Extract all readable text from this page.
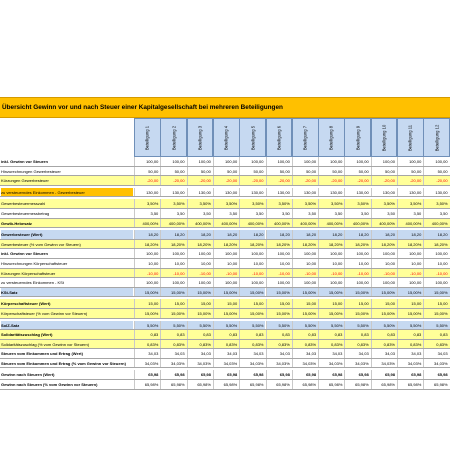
Übersicht Gewinn vor und nach Steuer einer Kapitalgesellschaft bei mehreren Beteiligungen
Beteiligung 1	Beteiligung 2	Beteiligung 3	Beteiligung 4	Beteiligung 5	Beteiligung 6	Beteiligung 7	Beteiligung 8	Beteiligung 9	Beteiligung 10	Beteiligung 11	Beteiligung 12
inkl. Gewinn vor Steuern	100,00	100,00	100,00	100,00	100,00	100,00	100,00	100,00	100,00	100,00	100,00	100,00
Hinzurechnungen Gewerbesteuer	50,00	50,00	50,00	50,00	50,00	50,00	50,00	50,00	50,00	50,00	50,00	50,00
Kürzungen Gewerbesteuer	-20,00	-20,00	-20,00	-20,00	-20,00	-20,00	-20,00	-20,00	-20,00	-20,00	-20,00	-20,00
zu versteuerndes Einkommen - Gewerbesteuer	130,00	130,00	130,00	130,00	130,00	130,00	130,00	130,00	130,00	130,00	130,00	130,00
Gewerbesteuermesszahl	3,50%	3,50%	3,50%	3,50%	3,50%	3,50%	3,50%	3,50%	3,50%	3,50%	3,50%	3,50%
Gewerbesteuermessbetrag	3,50	3,50	3,50	3,50	3,50	3,50	3,50	3,50	3,50	3,50	3,50	3,50
Gewib-Hebesatz	400,00%	400,00%	400,00%	400,00%	400,00%	400,00%	400,00%	400,00%	400,00%	400,00%	400,00%	400,00%
Gewerbesteuer (Wert)	18,20	18,20	18,20	18,20	18,20	18,20	18,20	18,20	18,20	18,20	18,20	18,20
Gewerbesteuer (% vom Gewinn vor Steuern)	18,20%	18,20%	18,20%	18,20%	18,20%	18,20%	18,20%	18,20%	18,20%	18,20%	18,20%	18,20%
inkl. Gewinn vor Steuern	100,00	100,00	100,00	100,00	100,00	100,00	100,00	100,00	100,00	100,00	100,00	100,00
Hinzurechnungen Körperschaftsteuer	10,00	10,00	10,00	10,00	10,00	10,00	10,00	10,00	10,00	10,00	10,00	10,00
Kürzungen Körperschaftsteuer	-10,00	-10,00	-10,00	-10,00	-10,00	-10,00	-10,00	-10,00	-10,00	-10,00	-10,00	-10,00
zu versteuerndes Einkommen - KSt	100,00	100,00	100,00	100,00	100,00	100,00	100,00	100,00	100,00	100,00	100,00	100,00
KSt-Satz	15,00%	15,00%	15,00%	15,00%	15,00%	15,00%	15,00%	15,00%	15,00%	15,00%	15,00%	15,00%
Körperschaftsteuer (Wert)	15,00	15,00	15,00	15,00	15,00	15,00	15,00	15,00	15,00	15,00	15,00	15,00
Körperschaftsteuer (% vom Gewinn vor Steuern)	15,00%	15,00%	15,00%	15,00%	15,00%	15,00%	15,00%	15,00%	15,00%	15,00%	15,00%	15,00%
SolZ-Satz	5,50%	5,50%	5,50%	5,50%	5,50%	5,50%	5,50%	5,50%	5,50%	5,50%	5,50%	5,50%
Solidaritätszuschlag (Wert)	0,83	0,83	0,83	0,83	0,83	0,83	0,83	0,83	0,83	0,83	0,83	0,83
Solidaritätszuschlag (% vom Gewinn vor Steuern)	0,83%	0,83%	0,83%	0,83%	0,83%	0,83%	0,83%	0,83%	0,83%	0,83%	0,83%	0,83%
Steuern vom Einkommen und Ertrag (Wert)	34,03	34,03	34,03	34,03	34,03	34,03	34,03	34,03	34,03	34,03	34,03	34,03
Steuern vom Einkommen und Ertrag (% vom Gewinn vor Steuern)	34,03%	34,03%	34,03%	34,03%	34,03%	34,03%	34,03%	34,03%	34,03%	34,03%	34,03%	34,03%
Gewinn nach Steuern (Wert)	65,98	65,98	65,98	65,98	65,98	65,98	65,98	65,98	65,98	65,98	65,98	65,98
Gewinn nach Steuern (% vom Gewinn vor Steuern)	65,98%	65,98%	65,98%	65,98%	65,98%	65,98%	65,98%	65,98%	65,98%	65,98%	65,98%	65,98%
